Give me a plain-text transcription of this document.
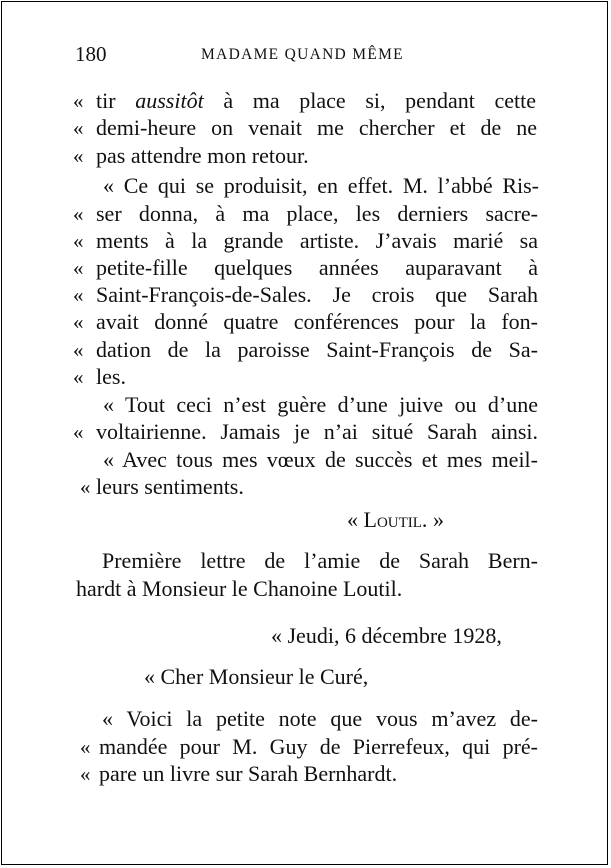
180	MADAME QUAND MÊME
« tir aussitôt à ma place si, pendant cette
« demi-heure on venait me chercher et de ne
« pas attendre mon retour.
« Ce qui se produisit, en effet. M. l’abbé Ris-
« ser donna, à ma place, les derniers sacre-
« ments à la grande artiste. J’avais marié sa
« petite-fille quelques années auparavant à
« Saint-François-de-Sales. Je crois que Sarah
« avait donné quatre conférences pour la fon-
« dation de la paroisse Saint-François de Sa-
« les.
« Tout ceci n’est guère d’une juive ou d’une
« voltairienne. Jamais je n’ai situé Sarah ainsi.
« Avec tous mes vœux de succès et mes meil-
« leurs sentiments.
« Loutil. »
Première lettre de l’amie de Sarah Bern-
hardt à Monsieur le Chanoine Loutil.
« Jeudi, 6 décembre 1928,
« Cher Monsieur le Curé,
« Voici la petite note que vous m’avez de-
« mandée pour M. Guy de Pierrefeux, qui pré-
« pare un livre sur Sarah Bernhardt.
